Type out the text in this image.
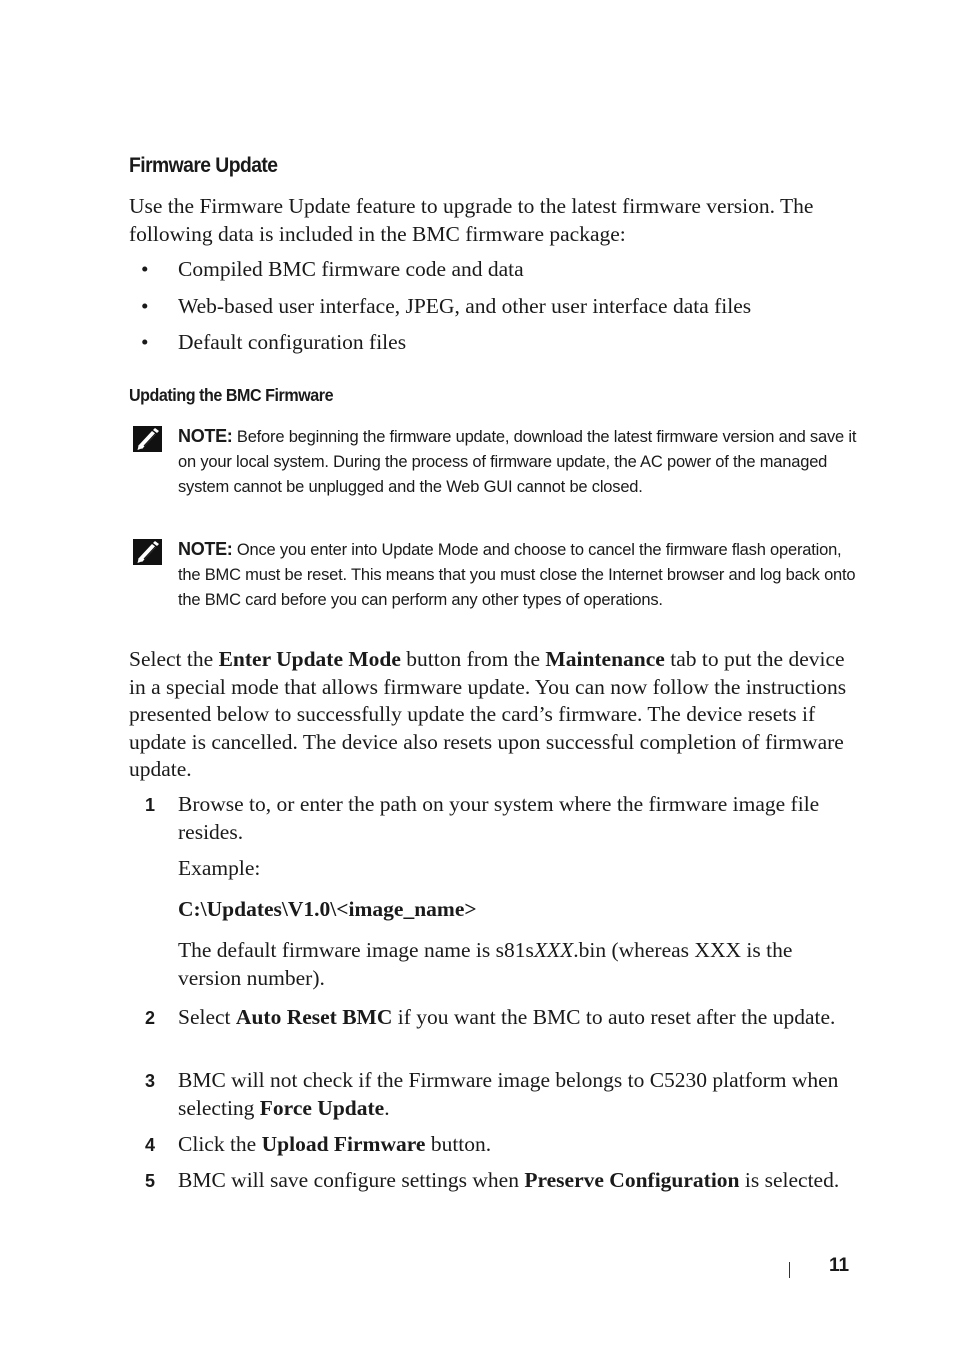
Firmware Update

Use the Firmware Update feature to upgrade to the latest firmware version. The following data is included in the BMC firmware package:

• Compiled BMC firmware code and data
• Web-based user interface, JPEG, and other user interface data files
• Default configuration files
Updating the BMC Firmware
NOTE: Before beginning the firmware update, download the latest firmware version and save it on your local system. During the process of firmware update, the AC power of the managed system cannot be unplugged and the Web GUI cannot be closed.
NOTE: Once you enter into Update Mode and choose to cancel the firmware flash operation, the BMC must be reset. This means that you must close the Internet browser and log back onto the BMC card before you can perform any other types of operations.

Select the Enter Update Mode button from the Maintenance tab to put the device in a special mode that allows firmware update. You can now follow the instructions presented below to successfully update the card’s firmware. The device resets if update is cancelled. The device also resets upon successful completion of firmware update.

1 Browse to, or enter the path on your system where the firmware image file resides.

Example:

C:\Updates\V1.0\<image_name>

The default firmware image name is s81sXXX.bin (whereas XXX is the version number).

2 Select Auto Reset BMC if you want the BMC to auto reset after the update.

3 BMC will not check if the Firmware image belongs to C5230 platform when selecting Force Update.

4 Click the Upload Firmware button.

5 BMC will save configure settings when Preserve Configuration is selected.

11
